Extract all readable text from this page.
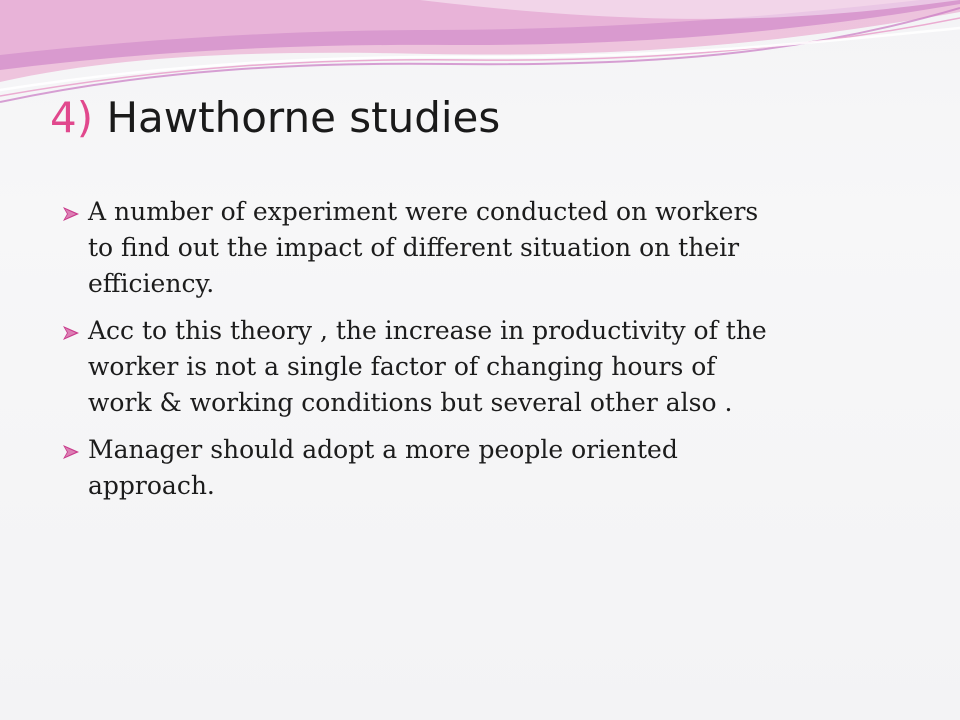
4) Hawthorne studies
A number of experiment were conducted on workers
to find out the impact of different situation on their
efficiency.
Acc to this theory , the increase in productivity of the
worker is not a single factor of changing hours of
work & working conditions but several other also .
Manager should adopt a more people oriented
approach.
